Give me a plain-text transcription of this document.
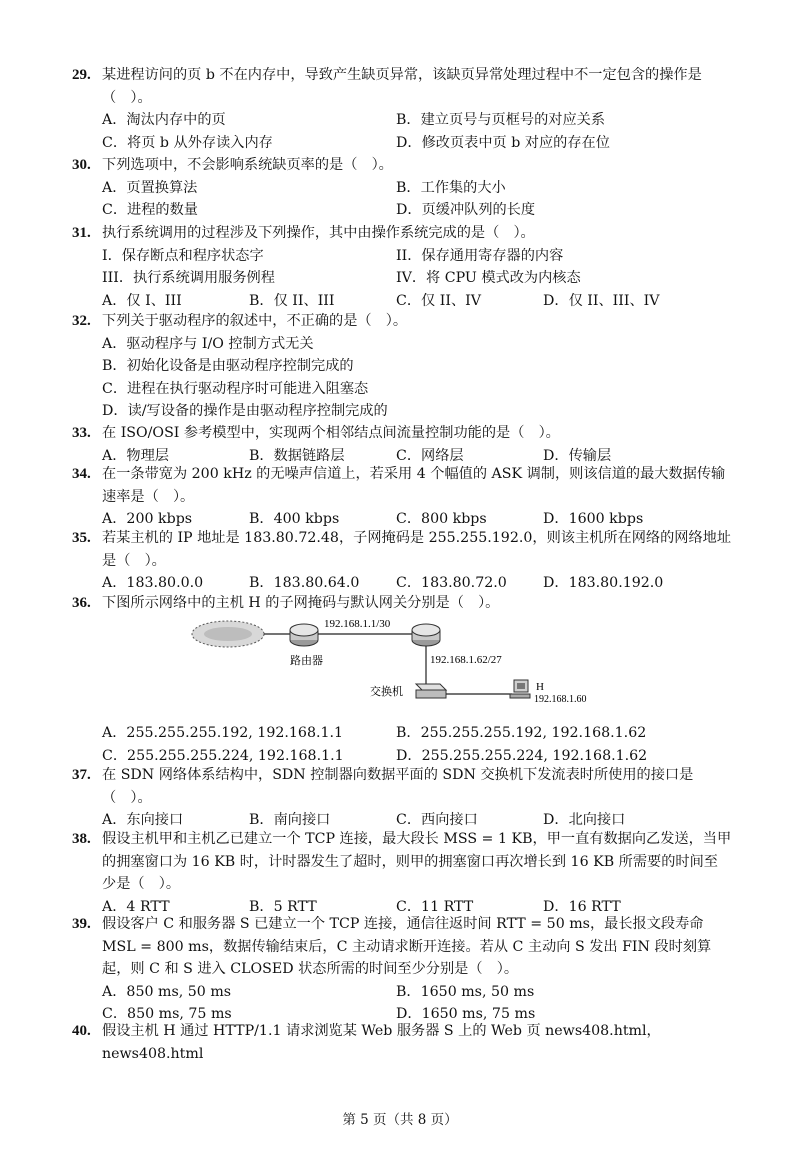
29. 某进程访问的页 b 不在内存中，导致产生缺页异常，该缺页异常处理过程中不一定包含的操作是（　）。
A．淘汰内存中的页	B．建立页号与页框号的对应关系
C．将页 b 从外存读入内存	D．修改页表中页 b 对应的存在位
30. 下列选项中，不会影响系统缺页率的是（　）。
A．页置换算法	B．工作集的大小
C．进程的数量	D．页缓冲队列的长度
31. 执行系统调用的过程涉及下列操作，其中由操作系统完成的是（　）。
I．保存断点和程序状态字	II．保存通用寄存器的内容
III．执行系统调用服务例程	IV．将 CPU 模式改为内核态
A．仅 I、III	B．仅 II、III	C．仅 II、IV	D．仅 II、III、IV
32. 下列关于驱动程序的叙述中，不正确的是（　）。
A．驱动程序与 I/O 控制方式无关
B．初始化设备是由驱动程序控制完成的
C．进程在执行驱动程序时可能进入阻塞态
D．读/写设备的操作是由驱动程序控制完成的
33. 在 ISO/OSI 参考模型中，实现两个相邻结点间流量控制功能的是（　）。
A．物理层	B．数据链路层	C．网络层	D．传输层
34. 在一条带宽为 200 kHz 的无噪声信道上，若采用 4 个幅值的 ASK 调制，则该信道的最大数据传输速率是（　）。
A．200 kbps	B．400 kbps	C．800 kbps	D．1600 kbps
35. 若某主机的 IP 地址是 183.80.72.48，子网掩码是 255.255.192.0，则该主机所在网络的网络地址是（　）。
A．183.80.0.0	B．183.80.64.0	C．183.80.72.0	D．183.80.192.0
36. 下图所示网络中的主机 H 的子网掩码与默认网关分别是（　）。
路由器
192.168.1.1/30
192.168.1.62/27
交换机	H
192.168.1.60
A．255.255.255.192, 192.168.1.1	B．255.255.255.192, 192.168.1.62
C．255.255.255.224, 192.168.1.1	D．255.255.255.224, 192.168.1.62
37. 在 SDN 网络体系结构中，SDN 控制器向数据平面的 SDN 交换机下发流表时所使用的接口是（　）。
A．东向接口	B．南向接口	C．西向接口	D．北向接口
38. 假设主机甲和主机乙已建立一个 TCP 连接，最大段长 MSS = 1 KB，甲一直有数据向乙发送，当甲的拥塞窗口为 16 KB 时，计时器发生了超时，则甲的拥塞窗口再次增长到 16 KB 所需要的时间至少是（　）。
A．4 RTT	B．5 RTT	C．11 RTT	D．16 RTT
39. 假设客户 C 和服务器 S 已建立一个 TCP 连接，通信往返时间 RTT = 50 ms，最长报文段寿命 MSL = 800 ms，数据传输结束后，C 主动请求断开连接。若从 C 主动向 S 发出 FIN 段时刻算起，则 C 和 S 进入 CLOSED 状态所需的时间至少分别是（　）。
A．850 ms, 50 ms	B．1650 ms, 50 ms
C．850 ms, 75 ms	D．1650 ms, 75 ms
40. 假设主机 H 通过 HTTP/1.1 请求浏览某 Web 服务器 S 上的 Web 页 news408.html，news408.html
第 5 页（共 8 页）
